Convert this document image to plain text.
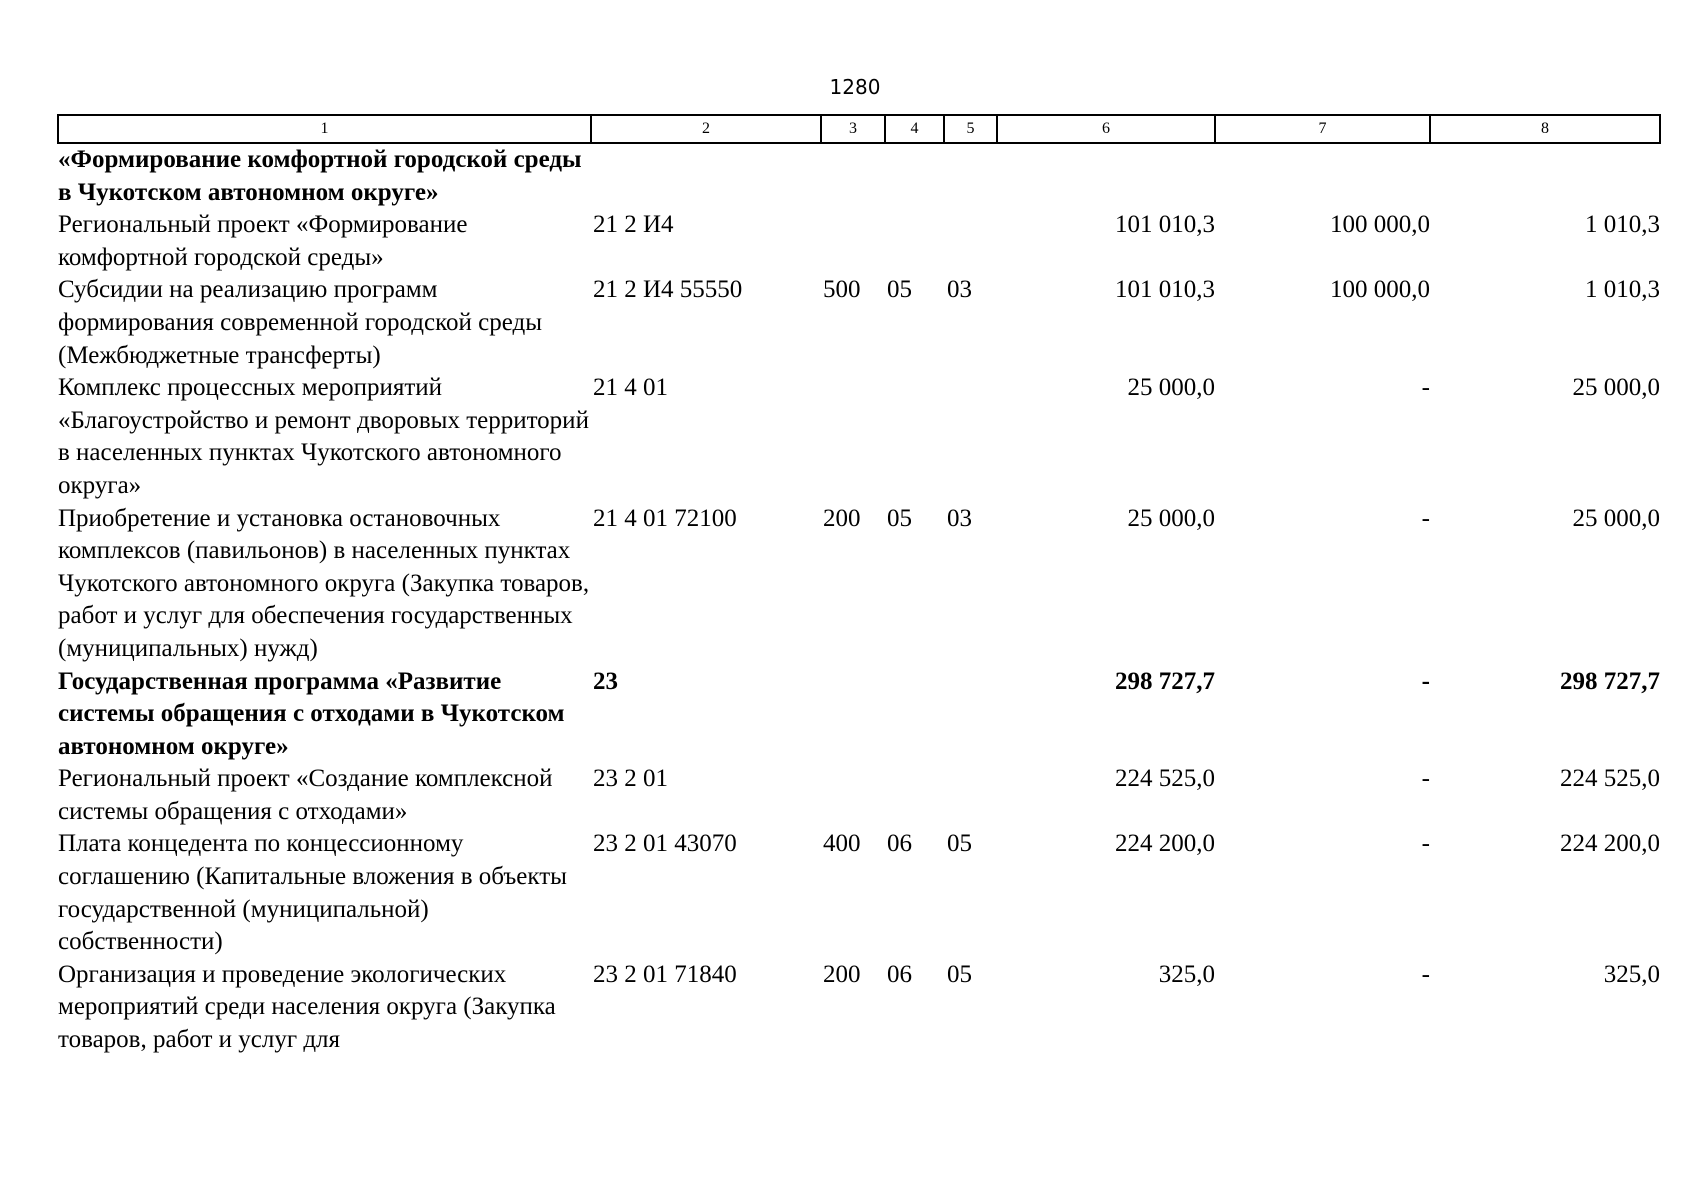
1280
1	2	3	4	5	6	7	8
«Формирование комфортной городской среды в Чукотском автономном округе»							
Региональный проект «Формирование комфортной городской среды»	21 2 И4				101 010,3	100 000,0	1 010,3
Субсидии на реализацию программ формирования современной городской среды (Межбюджетные трансферты)	21 2 И4 55550	500	05	03	101 010,3	100 000,0	1 010,3
Комплекс процессных мероприятий «Благоустройство и ремонт дворовых территорий в населенных пунктах Чукотского автономного округа»	21 4 01				25 000,0	-	25 000,0
Приобретение и установка остановочных комплексов (павильонов) в населенных пунктах Чукотского автономного округа (Закупка товаров, работ и услуг для обеспечения государственных (муниципальных) нужд)	21 4 01 72100	200	05	03	25 000,0	-	25 000,0
Государственная программа «Развитие системы обращения с отходами в Чукотском автономном округе»	23				298 727,7	-	298 727,7
Региональный проект «Создание комплексной системы обращения с отходами»	23 2 01				224 525,0	-	224 525,0
Плата концедента по концессионному соглашению (Капитальные вложения в объекты государственной (муниципальной) собственности)	23 2 01 43070	400	06	05	224 200,0	-	224 200,0
Организация и проведение экологических мероприятий среди населения округа (Закупка товаров, работ и услуг для	23 2 01 71840	200	06	05	325,0	-	325,0
